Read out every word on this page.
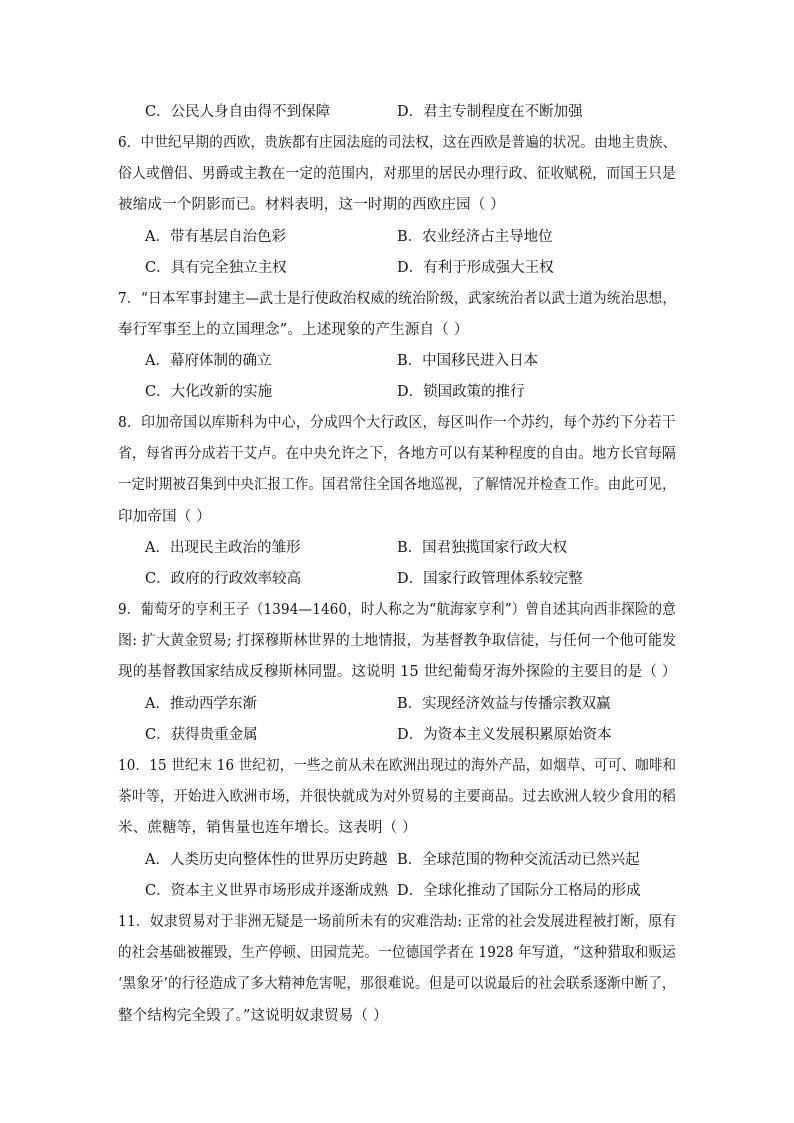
C．公民人身自由得不到保障	D．君主专制程度在不断加强
6．中世纪早期的西欧，贵族都有庄园法庭的司法权，这在西欧是普遍的状况。由地主贵族、
俗人或僧侣、男爵或主教在一定的范围内，对那里的居民办理行政、征收赋税，而国王只是
被缩成一个阴影而已。材料表明，这一时期的西欧庄园（ ）
A．带有基层自治色彩	B．农业经济占主导地位
C．具有完全独立主权	D．有利于形成强大王权
7．“日本军事封建主—武士是行使政治权威的统治阶级，武家统治者以武士道为统治思想，
奉行军事至上的立国理念”。上述现象的产生源自（ ）
A．幕府体制的确立	B．中国移民进入日本
C．大化改新的实施	D．锁国政策的推行
8．印加帝国以库斯科为中心，分成四个大行政区，每区叫作一个苏约，每个苏约下分若干
省，每省再分成若干艾卢。在中央允许之下，各地方可以有某种程度的自由。地方长官每隔
一定时期被召集到中央汇报工作。国君常往全国各地巡视，了解情况并检查工作。由此可见，
印加帝国（ ）
A．出现民主政治的雏形	B．国君独揽国家行政大权
C．政府的行政效率较高	D．国家行政管理体系较完整
9．葡萄牙的亨利王子（1394—1460，时人称之为“航海家亨利”）曾自述其向西非探险的意
图: 扩大黄金贸易; 打探穆斯林世界的土地情报，为基督教争取信徒，与任何一个他可能发
现的基督教国家结成反穆斯林同盟。这说明 15 世纪葡萄牙海外探险的主要目的是（ ）
A．推动西学东渐	B．实现经济效益与传播宗教双赢
C．获得贵重金属	D．为资本主义发展积累原始资本
10．15 世纪末 16 世纪初，一些之前从未在欧洲出现过的海外产品，如烟草、可可、咖啡和
茶叶等，开始进入欧洲市场，并很快就成为对外贸易的主要商品。过去欧洲人较少食用的稻
米、蔗糖等，销售量也连年增长。这表明（ ）
A．人类历史向整体性的世界历史跨越 B．全球范围的物种交流活动已然兴起
C．资本主义世界市场形成并逐渐成熟 D．全球化推动了国际分工格局的形成
11．奴隶贸易对于非洲无疑是一场前所未有的灾难浩劫: 正常的社会发展进程被打断，原有
的社会基础被摧毁，生产停顿、田园荒芜。一位德国学者在 1928 年写道，“这种猎取和贩运
‘黑象牙’的行径造成了多大精神危害呢，那很难说。但是可以说最后的社会联系逐渐中断了，
整个结构完全毁了。”这说明奴隶贸易（ ）
